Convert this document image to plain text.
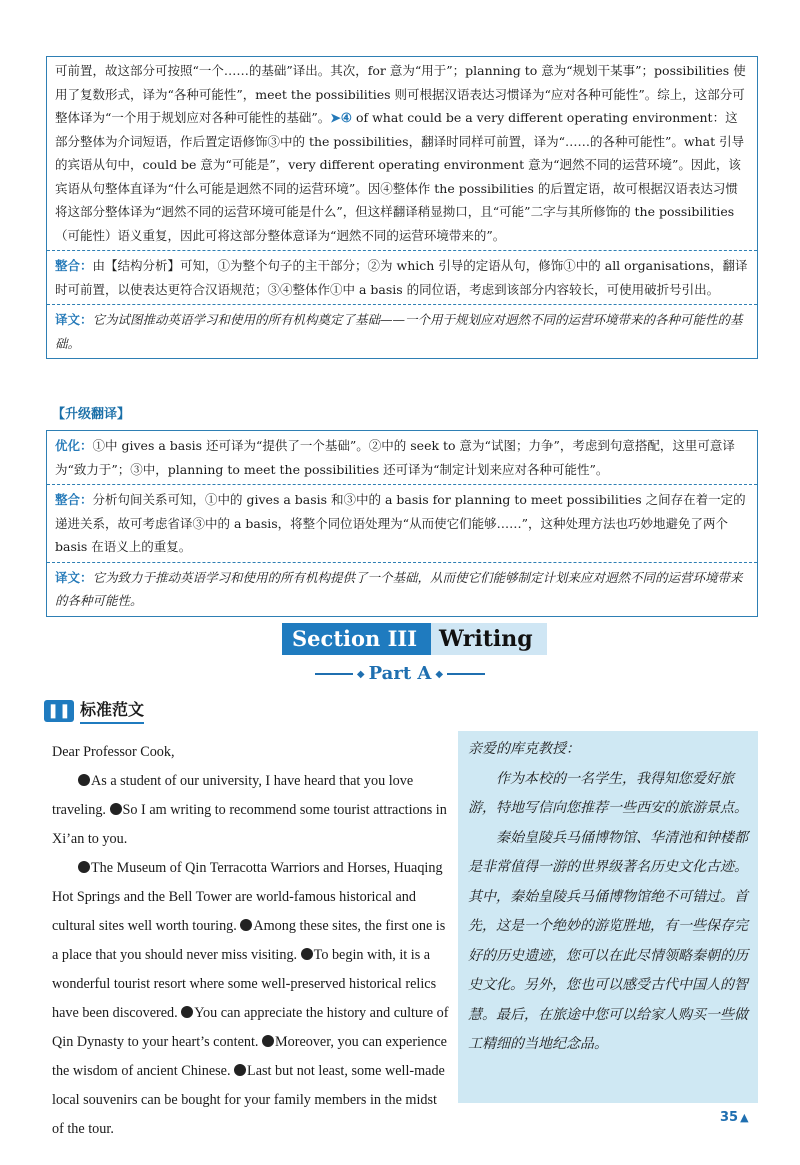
可前置，故这部分可按照“一个……的基础”译出。其次，for 意为“用于”；planning to 意为“规划干某事”；possibilities 使用了复数形式，译为“各种可能性”，meet the possibilities 则可根据汉语表达习惯译为“应对各种可能性”。综上，这部分可整体译为“一个用于规划应对各种可能性的基础”。➤④ of what could be a very different operating environment：这部分整体为介词短语，作后置定语修饰③中的 the possibilities，翻译时同样可前置，译为“……的各种可能性”。what 引导的宾语从句中，could be 意为“可能是”，very different operating environment 意为“迥然不同的运营环境”。因此，该宾语从句整体直译为“什么可能是迥然不同的运营环境”。因④整体作 the possibilities 的后置定语，故可根据汉语表达习惯将这部分整体译为“迥然不同的运营环境可能是什么”，但这样翻译稍显拗口，且“可能”二字与其所修饰的 the possibilities（可能性）语义重复，因此可将这部分整体意译为“迥然不同的运营环境带来的”。
整合：由【结构分析】可知，①为整个句子的主干部分；②为 which 引导的定语从句，修饰①中的 all organisations，翻译时可前置，以使表达更符合汉语规范；③④整体作①中 a basis 的同位语，考虑到该部分内容较长，可使用破折号引出。
译文：它为试图推动英语学习和使用的所有机构奠定了基础——一个用于规划应对迥然不同的运营环境带来的各种可能性的基础。
【升级翻译】
优化：①中 gives a basis 还可译为“提供了一个基础”。②中的 seek to 意为“试图；力争”，考虑到句意搭配，这里可意译为“致力于”；③中，planning to meet the possibilities 还可译为“制定计划来应对各种可能性”。
整合：分析句间关系可知，①中的 gives a basis 和③中的 a basis for planning to meet possibilities 之间存在着一定的递进关系，故可考虑省译③中的 a basis，将整个同位语处理为“从而使它们能够……”，这种处理方法也巧妙地避免了两个 basis 在语义上的重复。
译文：它为致力于推动英语学习和使用的所有机构提供了一个基础，从而使它们能够制定计划来应对迥然不同的运营环境带来的各种可能性。
Section III	Writing
◆ Part A ◆
❚❚ 标准范文

Dear Professor Cook,

As a student of our university, I have heard that you love traveling. So I am writing to recommend some tourist attractions in Xi’an to you.

The Museum of Qin Terracotta Warriors and Horses, Huaqing Hot Springs and the Bell Tower are world-famous historical and cultural sites well worth touring. Among these sites, the first one is a place that you should never miss visiting. To begin with, it is a wonderful tourist resort where some well-preserved historical relics have been discovered. You can appreciate the history and culture of Qin Dynasty to your heart’s content. Moreover, you can experience the wisdom of ancient Chinese. Last but not least, some well-made local souvenirs can be bought for your family members in the midst of the tour.

亲爱的库克教授：

作为本校的一名学生，我得知您爱好旅游，特地写信向您推荐一些西安的旅游景点。

秦始皇陵兵马俑博物馆、华清池和钟楼都是非常值得一游的世界级著名历史文化古迹。其中，秦始皇陵兵马俑博物馆绝不可错过。首先，这是一个绝妙的游览胜地，有一些保存完好的历史遗迹，您可以在此尽情领略秦朝的历史文化。另外，您也可以感受古代中国人的智慧。最后，在旅途中您可以给家人购买一些做工精细的当地纪念品。

35 ▲
